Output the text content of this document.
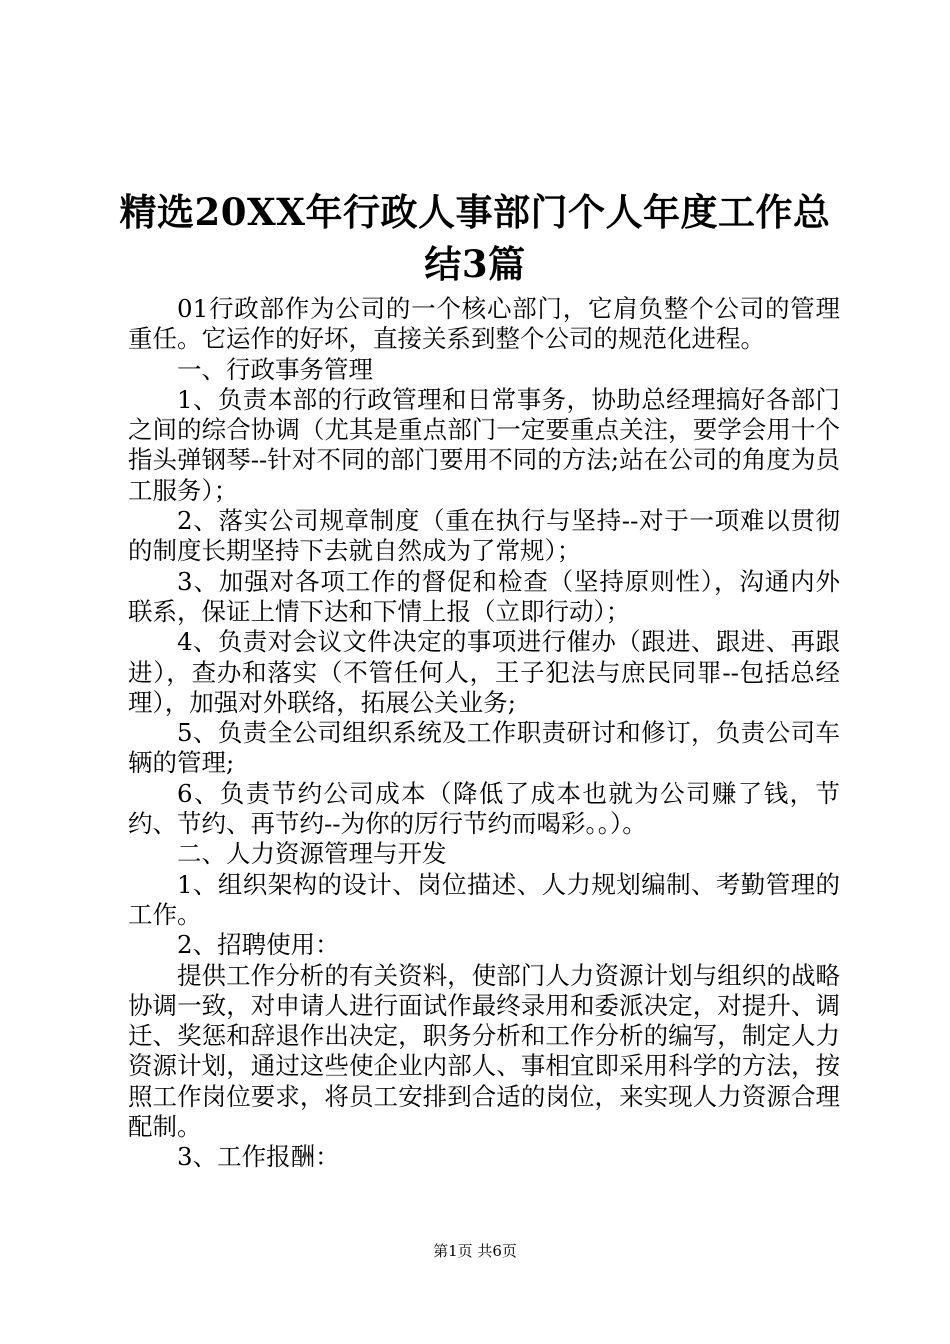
精选20XX年行政人事部门个人年度工作总结3篇

01行政部作为公司的一个核心部门，它肩负整个公司的管理重任。它运作的好坏，直接关系到整个公司的规范化进程。

一、行政事务管理

1、负责本部的行政管理和日常事务，协助总经理搞好各部门之间的综合协调（尤其是重点部门一定要重点关注，要学会用十个指头弹钢琴--针对不同的部门要用不同的方法;站在公司的角度为员工服务）；

2、落实公司规章制度（重在执行与坚持--对于一项难以贯彻的制度长期坚持下去就自然成为了常规）；

3、加强对各项工作的督促和检查（坚持原则性），沟通内外联系，保证上情下达和下情上报（立即行动）；

4、负责对会议文件决定的事项进行催办（跟进、跟进、再跟进），查办和落实（不管任何人，王子犯法与庶民同罪--包括总经理），加强对外联络，拓展公关业务;

5、负责全公司组织系统及工作职责研讨和修订，负责公司车辆的管理;

6、负责节约公司成本（降低了成本也就为公司赚了钱，节约、节约、再节约--为你的厉行节约而喝彩。。）。

二、人力资源管理与开发

1、组织架构的设计、岗位描述、人力规划编制、考勤管理的工作。

2、招聘使用：

提供工作分析的有关资料，使部门人力资源计划与组织的战略协调一致，对申请人进行面试作最终录用和委派决定，对提升、调迁、奖惩和辞退作出决定，职务分析和工作分析的编写，制定人力资源计划，通过这些使企业内部人、事相宜即采用科学的方法，按照工作岗位要求，将员工安排到合适的岗位，来实现人力资源合理配制。

3、工作报酬：

第1页 共6页
